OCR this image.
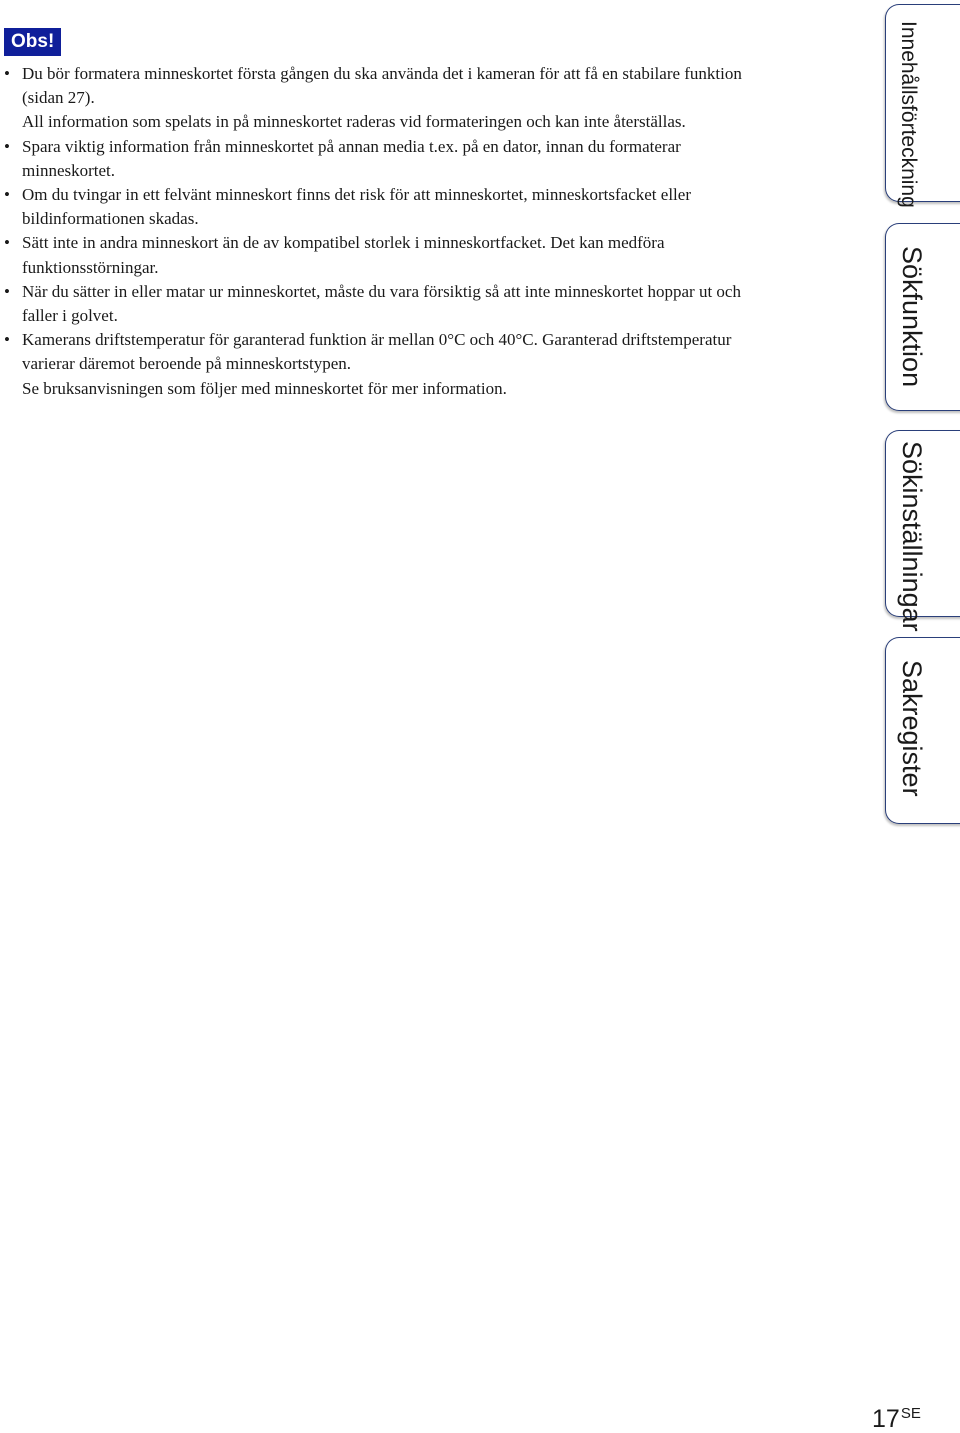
Obs!
• Du bör formatera minneskortet första gången du ska använda det i kameran för att få en stabilare funktion
(sidan 27).
All information som spelats in på minneskortet raderas vid formateringen och kan inte återställas.
• Spara viktig information från minneskortet på annan media t.ex. på en dator, innan du formaterar
minneskortet.
• Om du tvingar in ett felvänt minneskort finns det risk för att minneskortet, minneskortsfacket eller
bildinformationen skadas.
• Sätt inte in andra minneskort än de av kompatibel storlek i minneskortfacket. Det kan medföra
funktionsstörningar.
• När du sätter in eller matar ur minneskortet, måste du vara försiktig så att inte minneskortet hoppar ut och
faller i golvet.
• Kamerans driftstemperatur för garanterad funktion är mellan 0°C och 40°C. Garanterad driftstemperatur
varierar däremot beroende på minneskortstypen.
Se bruksanvisningen som följer med minneskortet för mer information.
Innehållsförteckning
Sökfunktion
Sökinställningar
Sakregister
$17^{SE}$
